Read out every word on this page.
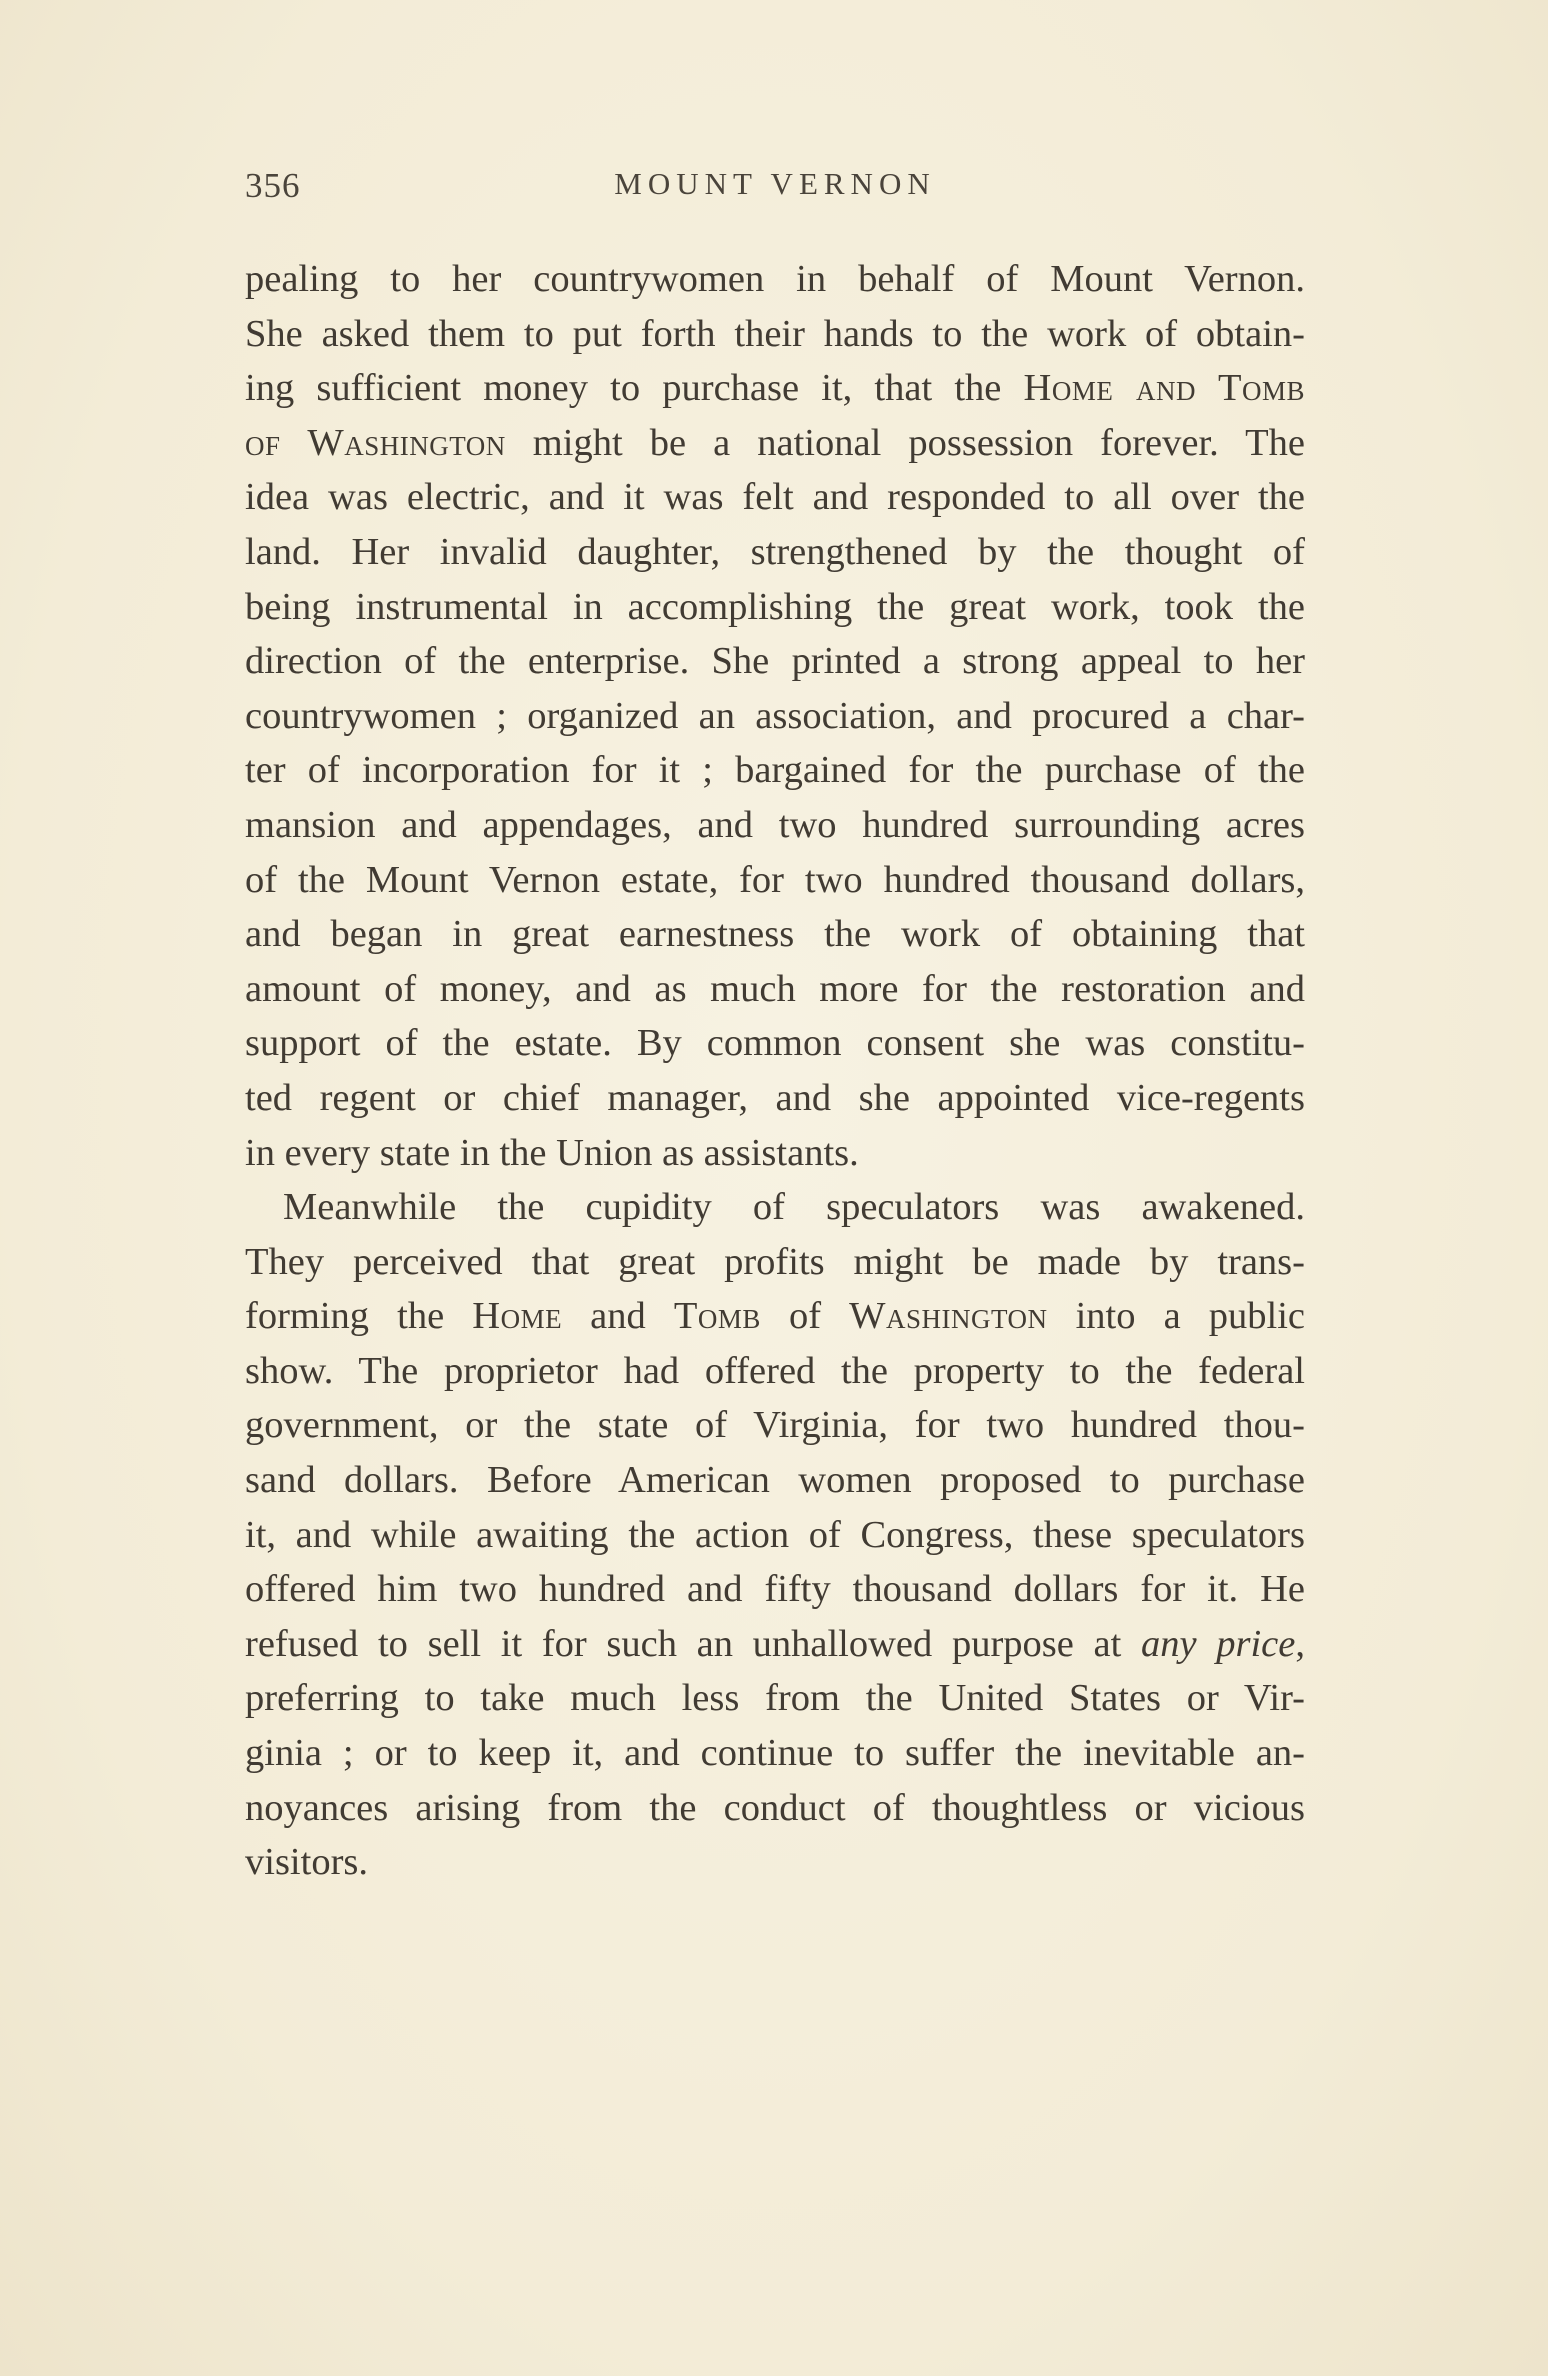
356	MOUNT VERNON
pealing to her countrywomen in behalf of Mount Vernon.
She asked them to put forth their hands to the work of obtain-
ing sufficient money to purchase it, that the Home and Tomb
of Washington might be a national possession forever. The
idea was electric, and it was felt and responded to all over the
land. Her invalid daughter, strengthened by the thought of
being instrumental in accomplishing the great work, took the
direction of the enterprise. She printed a strong appeal to her
countrywomen ; organized an association, and procured a char-
ter of incorporation for it ; bargained for the purchase of the
mansion and appendages, and two hundred surrounding acres
of the Mount Vernon estate, for two hundred thousand dollars,
and began in great earnestness the work of obtaining that
amount of money, and as much more for the restoration and
support of the estate. By common consent she was constitu-
ted regent or chief manager, and she appointed vice-regents
in every state in the Union as assistants.
Meanwhile the cupidity of speculators was awakened.
They perceived that great profits might be made by trans-
forming the Home and Tomb of Washington into a public
show. The proprietor had offered the property to the federal
government, or the state of Virginia, for two hundred thou-
sand dollars. Before American women proposed to purchase
it, and while awaiting the action of Congress, these speculators
offered him two hundred and fifty thousand dollars for it. He
refused to sell it for such an unhallowed purpose at any price,
preferring to take much less from the United States or Vir-
ginia ; or to keep it, and continue to suffer the inevitable an-
noyances arising from the conduct of thoughtless or vicious
visitors.
